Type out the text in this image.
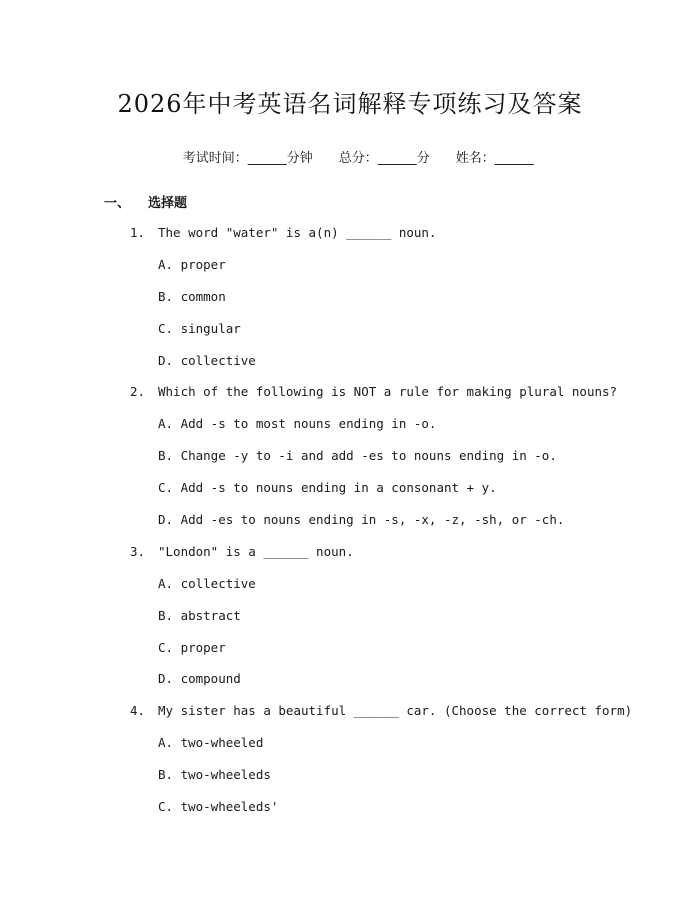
2026年中考英语名词解释专项练习及答案

考试时间：______分钟 总分：______分 姓名：______

一、 选择题
1. The word "water" is a(n) ______ noun.
A. proper
B. common
C. singular
D. collective
2. Which of the following is NOT a rule for making plural nouns?
A. Add -s to most nouns ending in -o.
B. Change -y to -i and add -es to nouns ending in -o.
C. Add -s to nouns ending in a consonant + y.
D. Add -es to nouns ending in -s, -x, -z, -sh, or -ch.
3. "London" is a ______ noun.
A. collective
B. abstract
C. proper
D. compound
4. My sister has a beautiful ______ car. (Choose the correct form)
A. two-wheeled
B. two-wheeleds
C. two-wheeleds'
